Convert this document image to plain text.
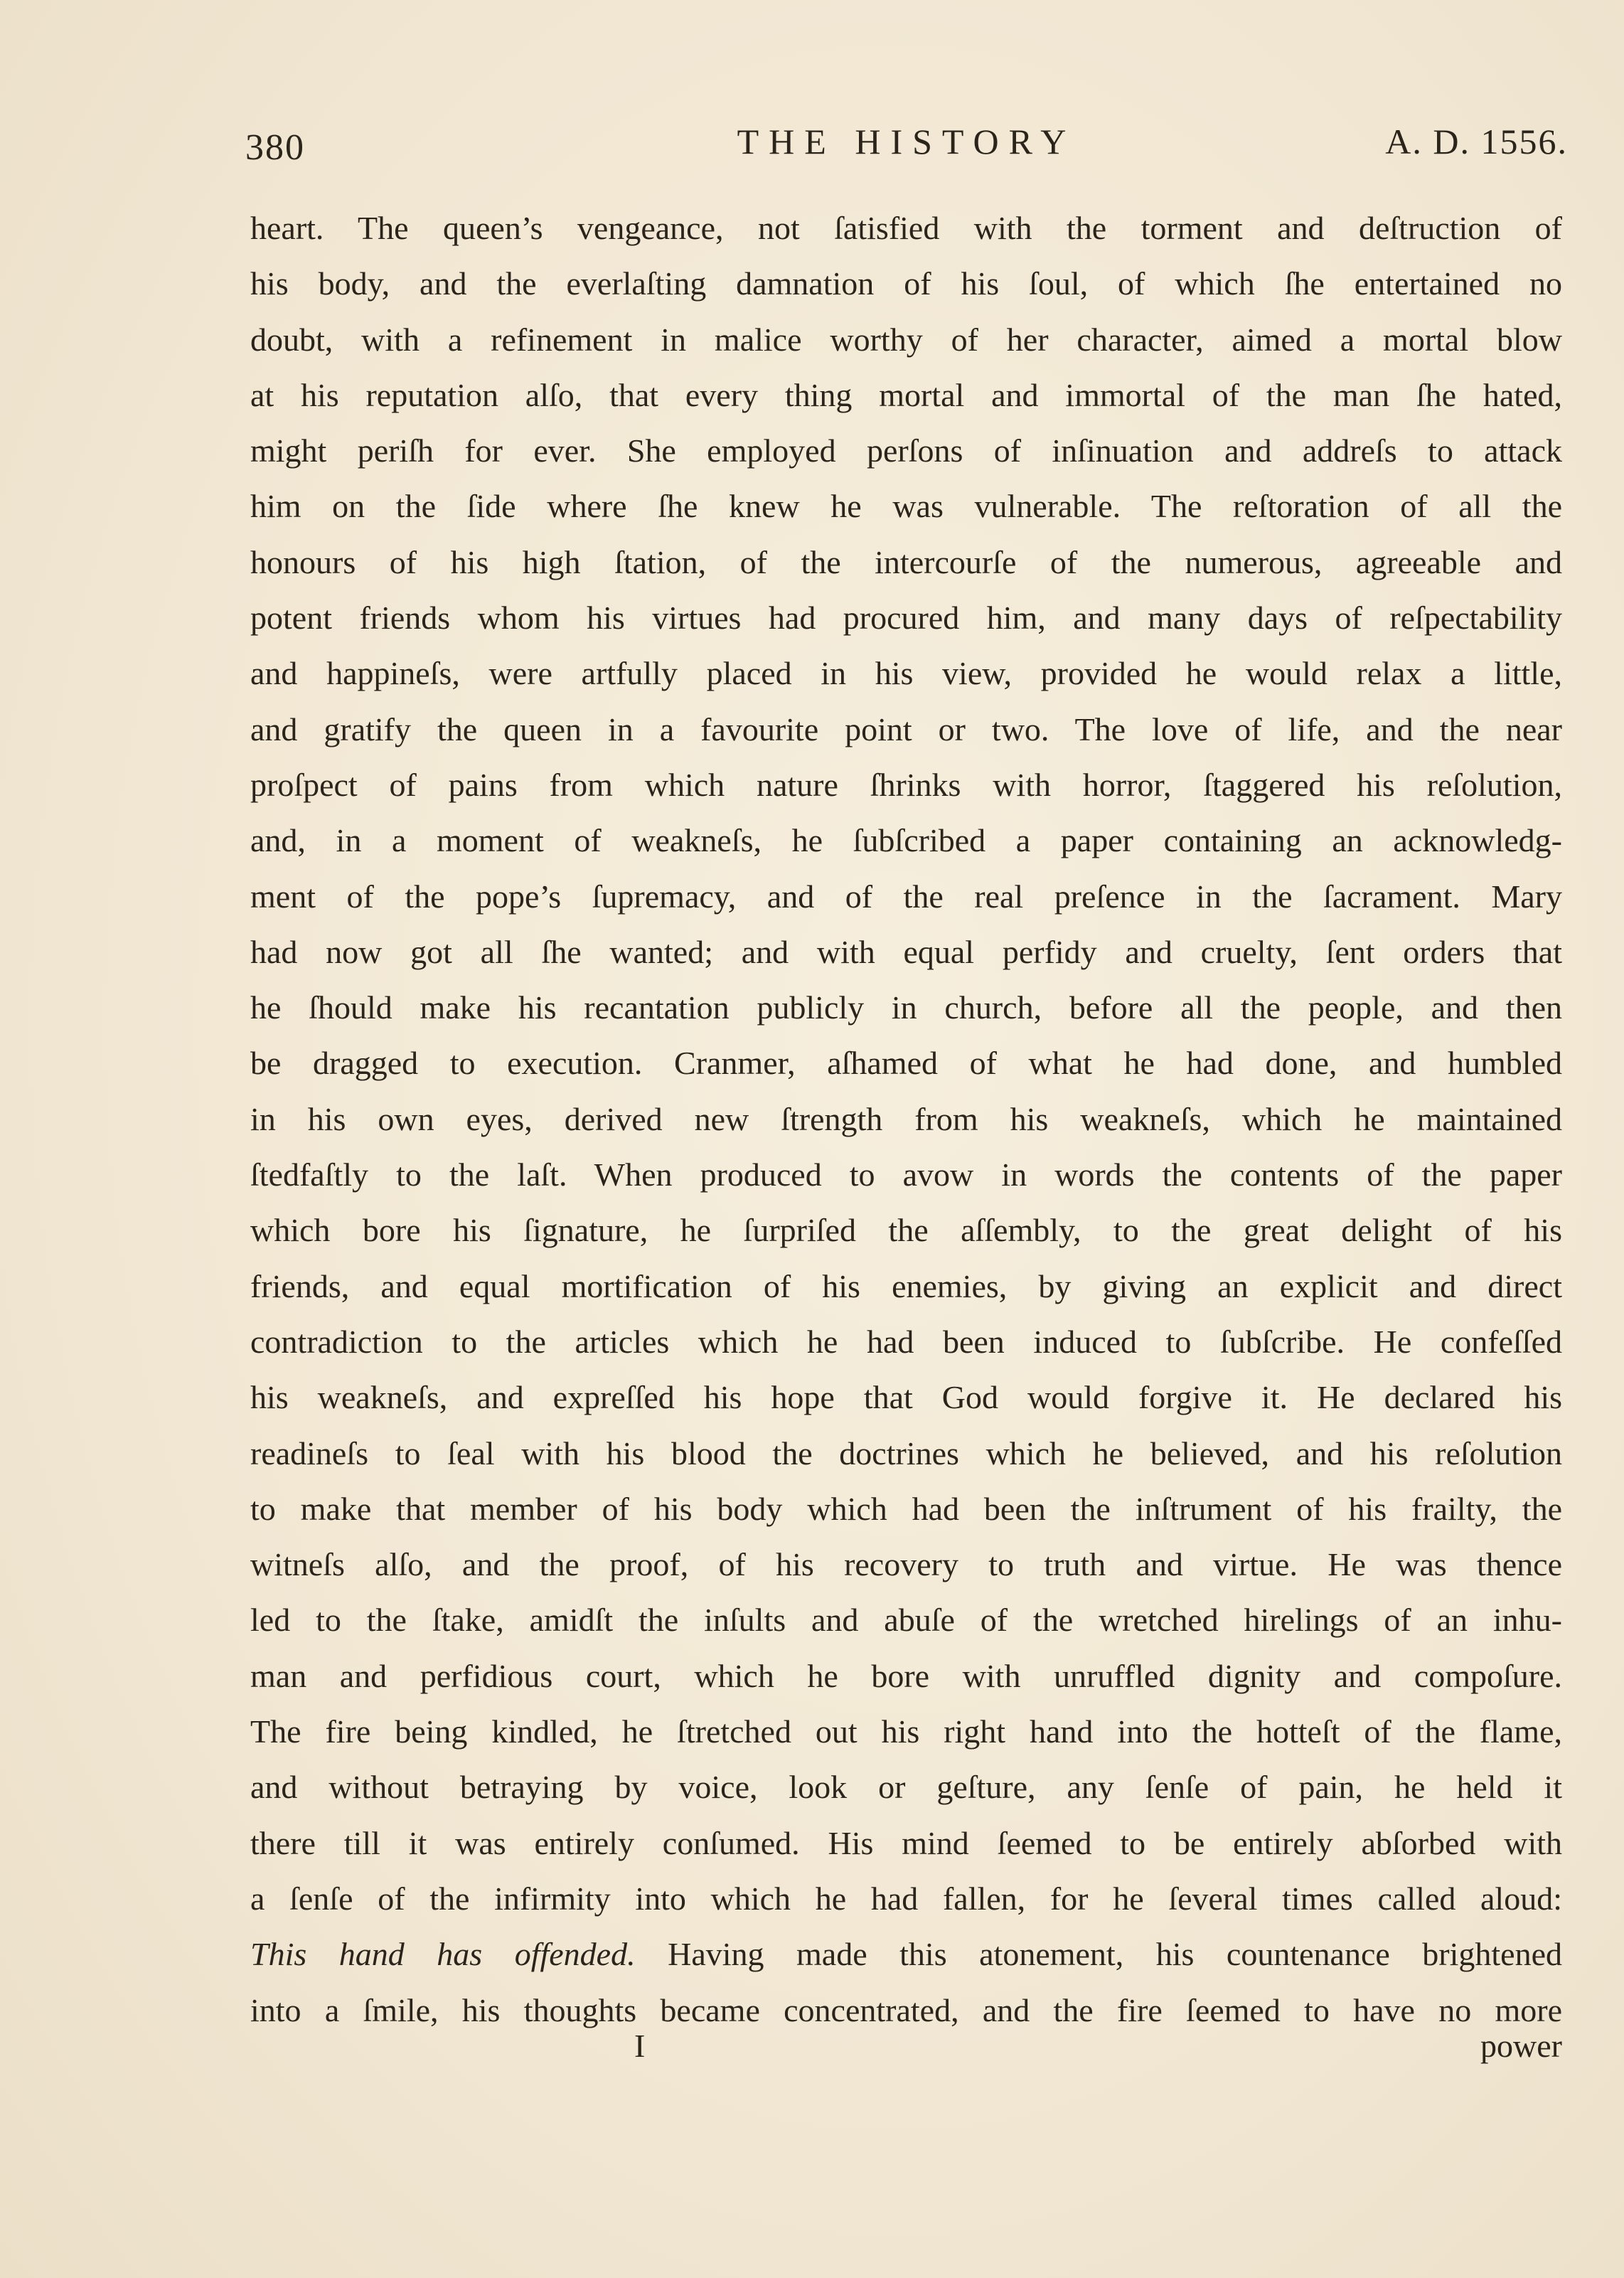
380	THE HISTORY	A. D. 1556.
heart. The queen’s vengeance, not ſatisfied with the torment and deſtruction of
his body, and the everlaſting damnation of his ſoul, of which ſhe entertained no
doubt, with a refinement in malice worthy of her character, aimed a mortal blow
at his reputation alſo, that every thing mortal and immortal of the man ſhe hated,
might periſh for ever. She employed perſons of inſinuation and addreſs to attack
him on the ſide where ſhe knew he was vulnerable. The reſtoration of all the
honours of his high ſtation, of the intercourſe of the numerous, agreeable and
potent friends whom his virtues had procured him, and many days of reſpectability
and happineſs, were artfully placed in his view, provided he would relax a little,
and gratify the queen in a favourite point or two. The love of life, and the near
proſpect of pains from which nature ſhrinks with horror, ſtaggered his reſolution,
and, in a moment of weakneſs, he ſubſcribed a paper containing an acknowledg-
ment of the pope’s ſupremacy, and of the real preſence in the ſacrament. Mary
had now got all ſhe wanted; and with equal perfidy and cruelty, ſent orders that
he ſhould make his recantation publicly in church, before all the people, and then
be dragged to execution. Cranmer, aſhamed of what he had done, and humbled
in his own eyes, derived new ſtrength from his weakneſs, which he maintained
ſtedfaſtly to the laſt. When produced to avow in words the contents of the paper
which bore his ſignature, he ſurpriſed the aſſembly, to the great delight of his
friends, and equal mortification of his enemies, by giving an explicit and direct
contradiction to the articles which he had been induced to ſubſcribe. He confeſſed
his weakneſs, and expreſſed his hope that God would forgive it. He declared his
readineſs to ſeal with his blood the doctrines which he believed, and his reſolution
to make that member of his body which had been the inſtrument of his frailty, the
witneſs alſo, and the proof, of his recovery to truth and virtue. He was thence
led to the ſtake, amidſt the inſults and abuſe of the wretched hirelings of an inhu-
man and perfidious court, which he bore with unruffled dignity and compoſure.
The fire being kindled, he ſtretched out his right hand into the hotteſt of the flame,
and without betraying by voice, look or geſture, any ſenſe of pain, he held it
there till it was entirely conſumed. His mind ſeemed to be entirely abſorbed with
a ſenſe of the infirmity into which he had fallen, for he ſeveral times called aloud:
This hand has offended. Having made this atonement, his countenance brightened
into a ſmile, his thoughts became concentrated, and the fire ſeemed to have no more
I	power
